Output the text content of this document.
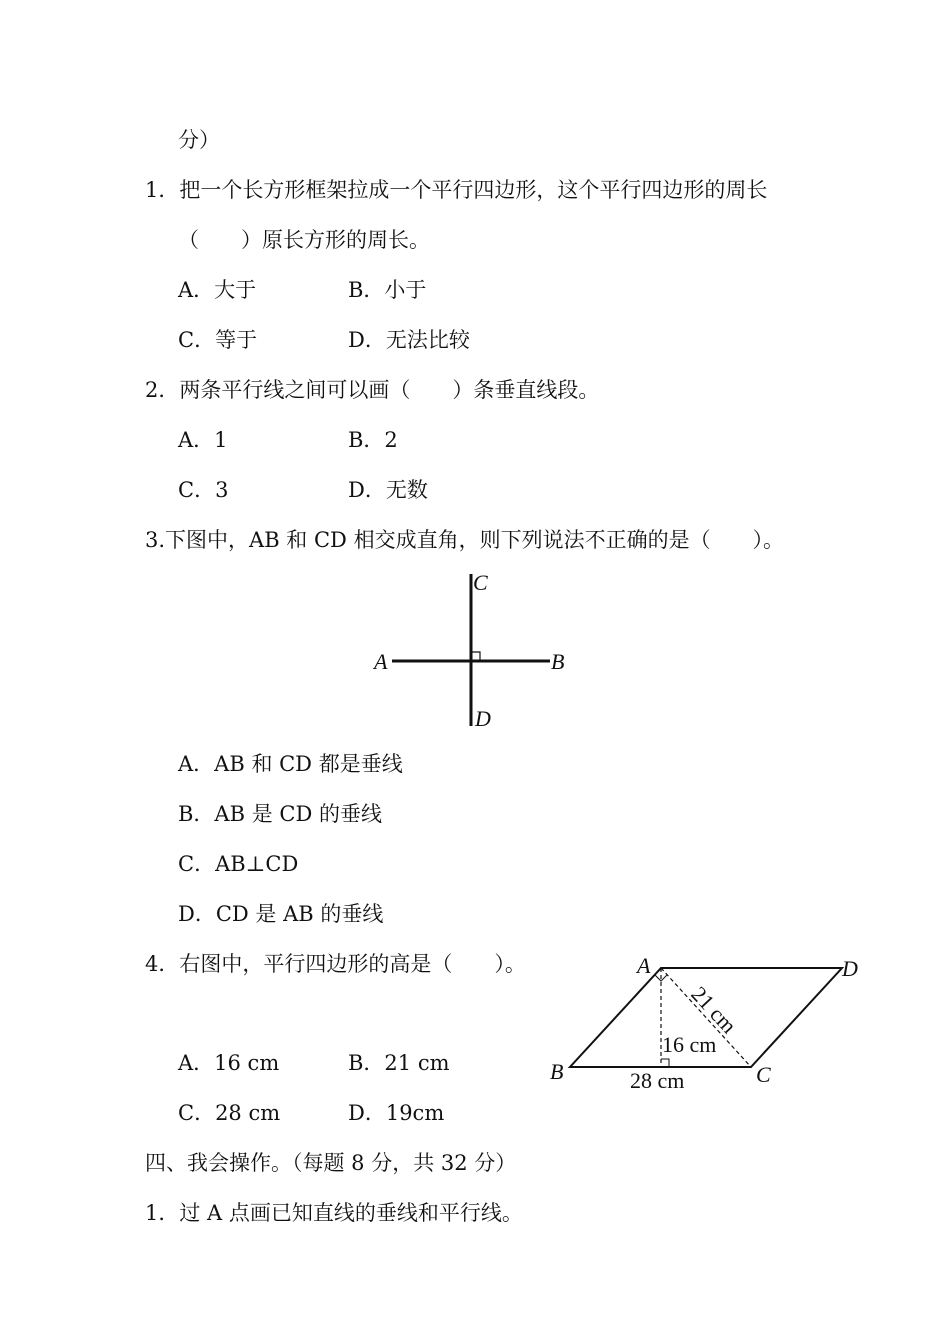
分）
1．把一个长方形框架拉成一个平行四边形，这个平行四边形的周长
（　　）原长方形的周长。
A．大于	B．小于
C．等于	D．无法比较
2．两条平行线之间可以画（　　）条垂直线段。
A．1	B．2
C．3	D．无数
3.下图中，AB 和 CD 相交成直角，则下列说法不正确的是（　　）。
A	B
C
D
A．AB 和 CD 都是垂线
B．AB 是 CD 的垂线
C．AB⊥CD
D．CD 是 AB 的垂线
4．右图中，平行四边形的高是（　　）。	A	D
B	C
21 cm
16 cm
28 cm
A．16 cm	B．21 cm
C．28 cm	D．19cm
四、我会操作。（每题 8 分，共 32 分）
1．过 A 点画已知直线的垂线和平行线。
